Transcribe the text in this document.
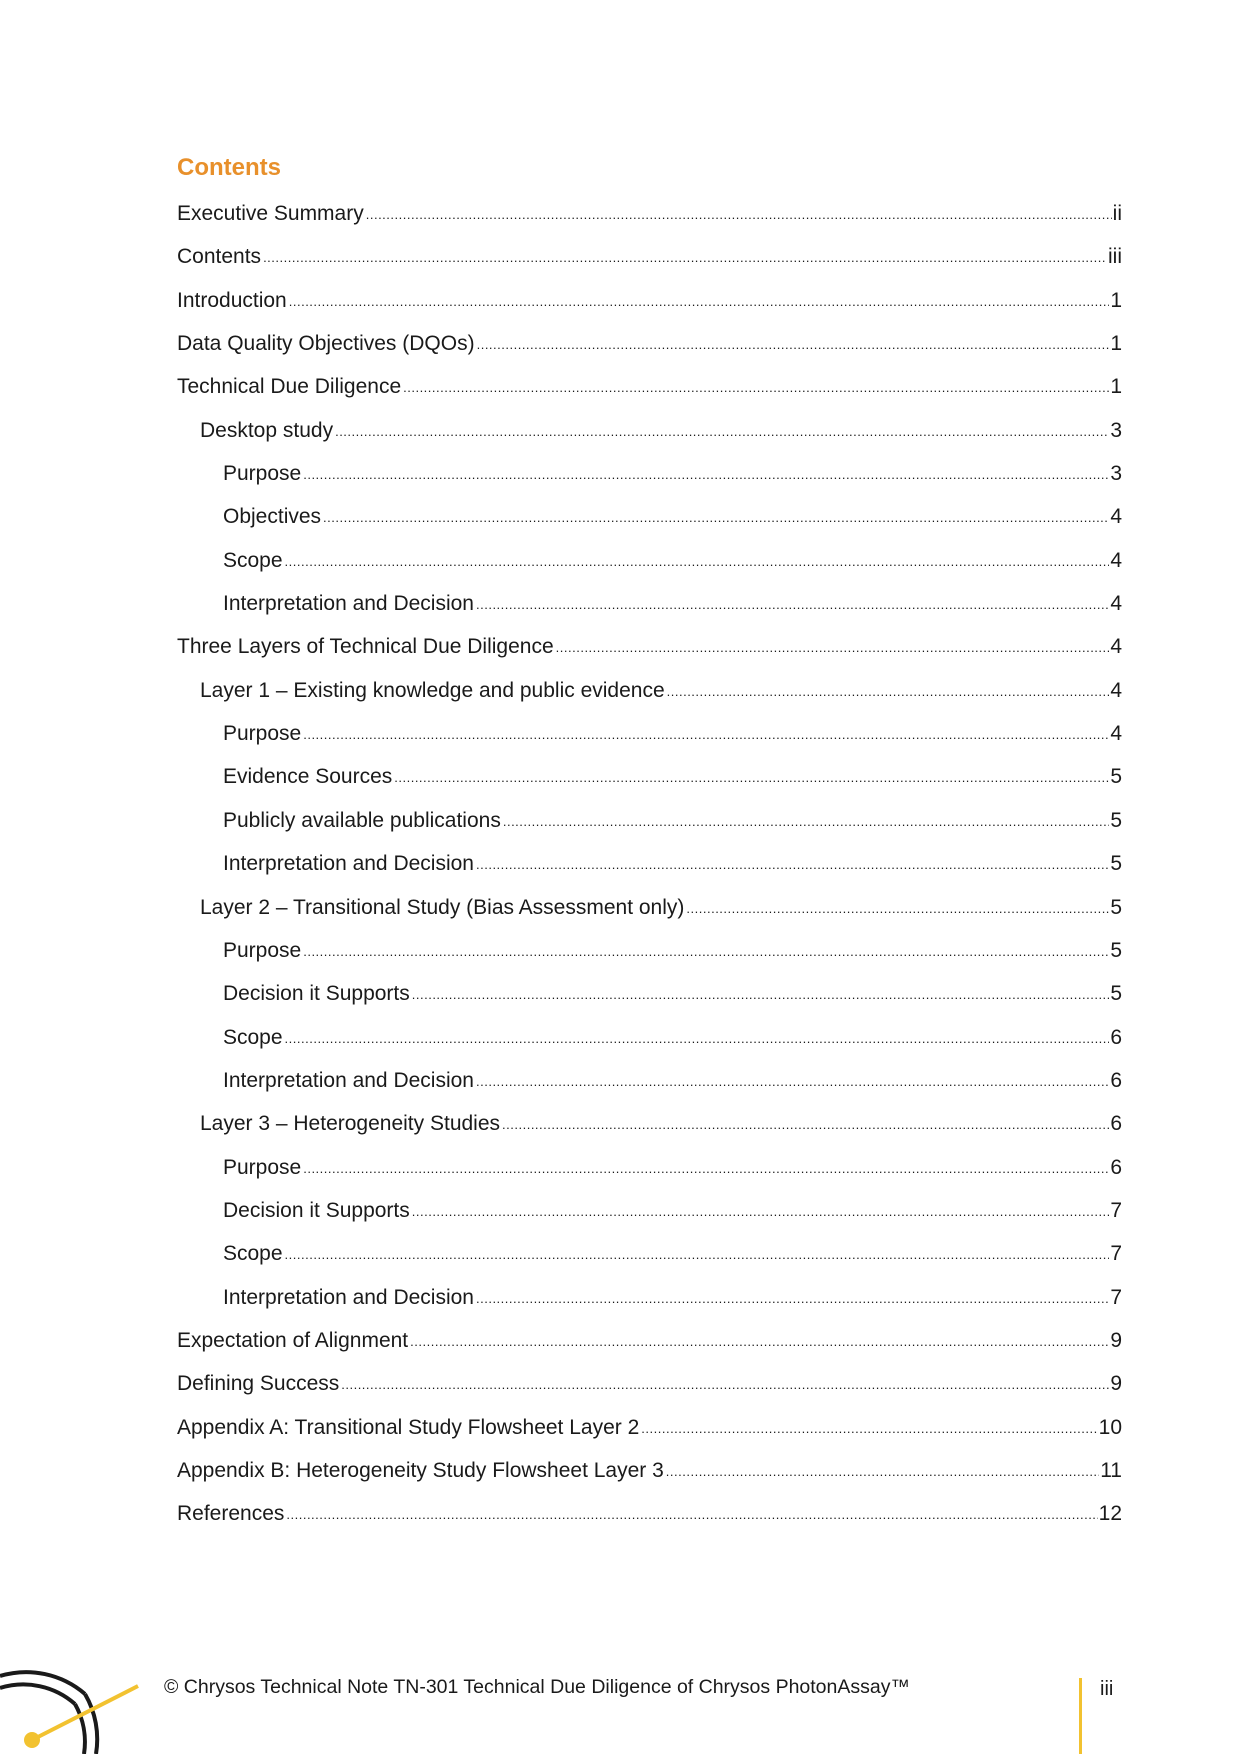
Contents
Executive Summary .....	ii
Contents .....	iii
Introduction .....	1
Data Quality Objectives (DQOs) .....	1
Technical Due Diligence .....	1
Desktop study .....	3
Purpose .....	3
Objectives .....	4
Scope .....	4
Interpretation and Decision .....	4
Three Layers of Technical Due Diligence .....	4
Layer 1 – Existing knowledge and public evidence .....	4
Purpose .....	4
Evidence Sources .....	5
Publicly available publications .....	5
Interpretation and Decision .....	5
Layer 2 – Transitional Study (Bias Assessment only) .....	5
Purpose .....	5
Decision it Supports .....	5
Scope .....	6
Interpretation and Decision .....	6
Layer 3 – Heterogeneity Studies .....	6
Purpose .....	6
Decision it Supports .....	7
Scope .....	7
Interpretation and Decision .....	7
Expectation of Alignment .....	9
Defining Success .....	9
Appendix A: Transitional Study Flowsheet Layer 2 .....	10
Appendix B: Heterogeneity Study Flowsheet Layer 3 .....	11
References .....	12
© Chrysos Technical Note TN-301 Technical Due Diligence of Chrysos PhotonAssay™	iii
